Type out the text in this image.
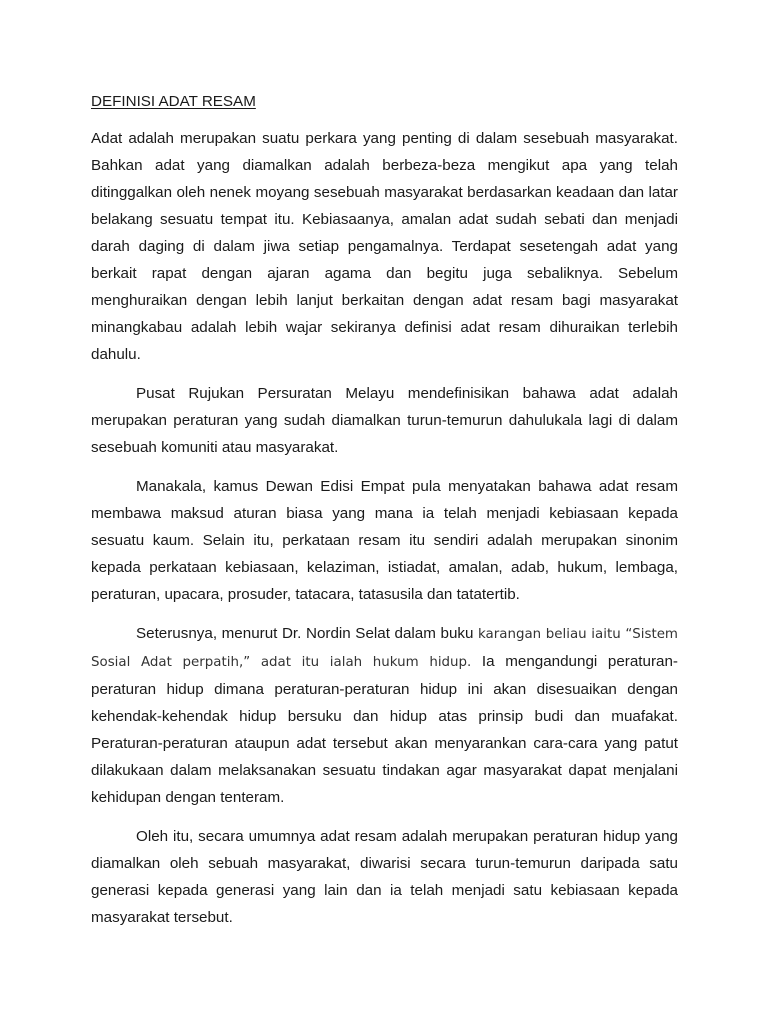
DEFINISI ADAT RESAM

Adat adalah merupakan suatu perkara yang penting di dalam sesebuah masyarakat. Bahkan adat yang diamalkan adalah berbeza-beza mengikut apa yang telah ditinggalkan oleh nenek moyang sesebuah masyarakat berdasarkan keadaan dan latar belakang sesuatu tempat itu. Kebiasaanya, amalan adat sudah sebati dan menjadi darah daging di dalam jiwa setiap pengamalnya. Terdapat sesetengah adat yang berkait rapat dengan ajaran agama dan begitu juga sebaliknya. Sebelum menghuraikan dengan lebih lanjut berkaitan dengan adat resam bagi masyarakat minangkabau adalah lebih wajar sekiranya definisi adat resam dihuraikan terlebih dahulu.

Pusat Rujukan Persuratan Melayu mendefinisikan bahawa adat adalah merupakan peraturan yang sudah diamalkan turun-temurun dahulukala lagi di dalam sesebuah komuniti atau masyarakat.

Manakala, kamus Dewan Edisi Empat pula menyatakan bahawa adat resam membawa maksud aturan biasa yang mana ia telah menjadi kebiasaan kepada sesuatu kaum. Selain itu, perkataan resam itu sendiri adalah merupakan sinonim kepada perkataan kebiasaan, kelaziman, istiadat, amalan, adab, hukum, lembaga, peraturan, upacara, prosuder, tatacara, tatasusila dan tatatertib.

Seterusnya, menurut Dr. Nordin Selat dalam buku karangan beliau iaitu “Sistem Sosial Adat perpatih,” adat itu ialah hukum hidup. Ia mengandungi peraturan-peraturan hidup dimana peraturan-peraturan hidup ini akan disesuaikan dengan kehendak-kehendak hidup bersuku dan hidup atas prinsip budi dan muafakat. Peraturan-peraturan ataupun adat tersebut akan menyarankan cara-cara yang patut dilakukaan dalam melaksanakan sesuatu tindakan agar masyarakat dapat menjalani kehidupan dengan tenteram.

Oleh itu, secara umumnya adat resam adalah merupakan peraturan hidup yang diamalkan oleh sebuah masyarakat, diwarisi secara turun-temurun daripada satu generasi kepada generasi yang lain dan ia telah menjadi satu kebiasaan kepada masyarakat tersebut.
